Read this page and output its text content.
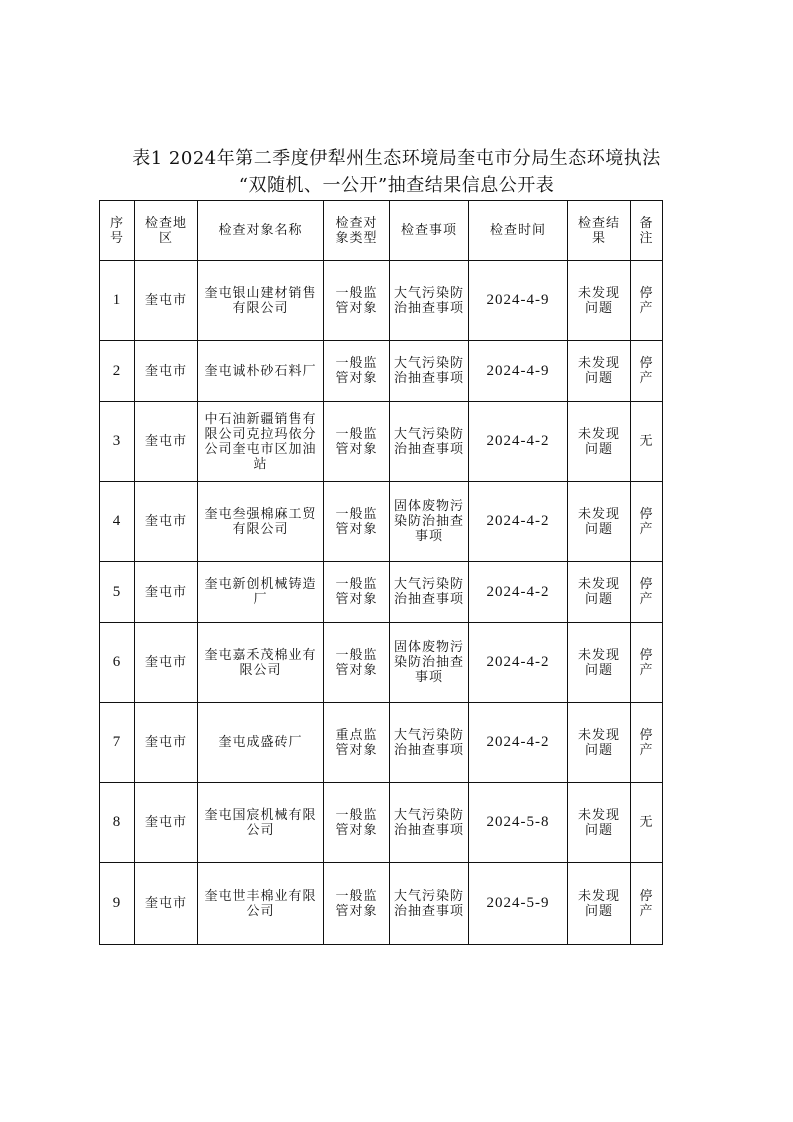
表1 2024年第二季度伊犁州生态环境局奎屯市分局生态环境执法
“双随机、一公开”抽查结果信息公开表
序号	检查地区	检查对象名称	检查对象类型	检查事项	检查时间	检查结果	备注
1	奎屯市	奎屯银山建材销售有限公司	一般监管对象	大气污染防治抽查事项	2024-4-9	未发现问题	停产
2	奎屯市	奎屯诚朴砂石料厂	一般监管对象	大气污染防治抽查事项	2024-4-9	未发现问题	停产
3	奎屯市	中石油新疆销售有限公司克拉玛依分公司奎屯市区加油站	一般监管对象	大气污染防治抽查事项	2024-4-2	未发现问题	无
4	奎屯市	奎屯叁强棉麻工贸有限公司	一般监管对象	固体废物污染防治抽查事项	2024-4-2	未发现问题	停产
5	奎屯市	奎屯新创机械铸造厂	一般监管对象	大气污染防治抽查事项	2024-4-2	未发现问题	停产
6	奎屯市	奎屯嘉禾茂棉业有限公司	一般监管对象	固体废物污染防治抽查事项	2024-4-2	未发现问题	停产
7	奎屯市	奎屯成盛砖厂	重点监管对象	大气污染防治抽查事项	2024-4-2	未发现问题	停产
8	奎屯市	奎屯国宸机械有限公司	一般监管对象	大气污染防治抽查事项	2024-5-8	未发现问题	无
9	奎屯市	奎屯世丰棉业有限公司	一般监管对象	大气污染防治抽查事项	2024-5-9	未发现问题	停产
